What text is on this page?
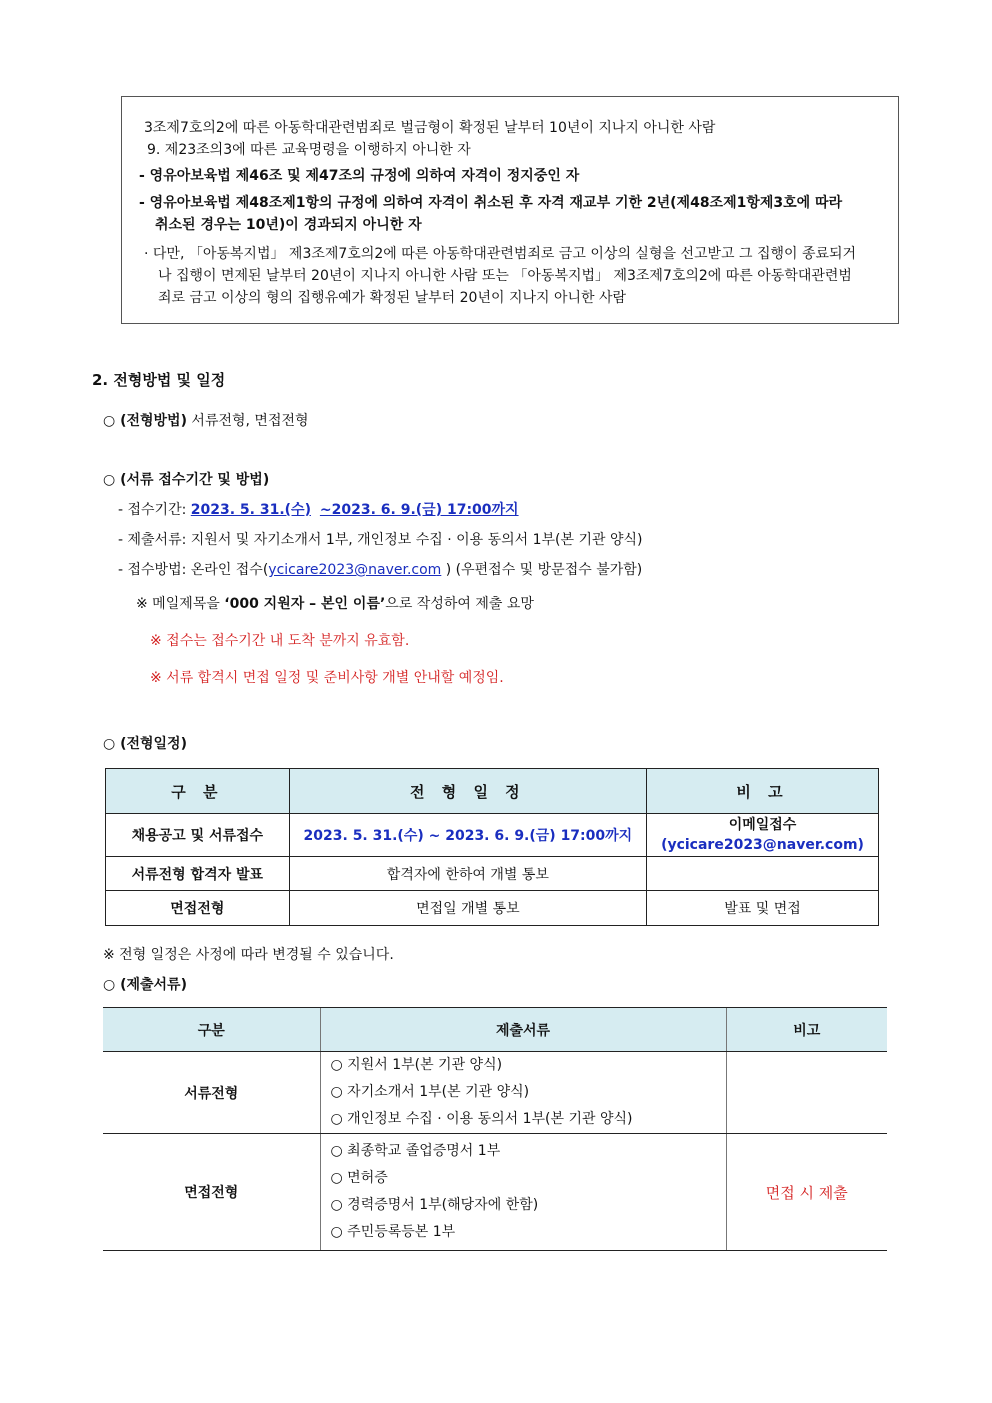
3조제7호의2에 따른 아동학대관련범죄로 벌금형이 확정된 날부터 10년이 지나지 아니한 사람
9. 제23조의3에 따른 교육명령을 이행하지 아니한 자
- 영유아보육법 제46조 및 제47조의 규정에 의하여 자격이 정지중인 자
- 영유아보육법 제48조제1항의 규정에 의하여 자격이 취소된 후 자격 재교부 기한 2년(제48조제1항제3호에 따라
취소된 경우는 10년)이 경과되지 아니한 자
· 다만, 「아동복지법」 제3조제7호의2에 따른 아동학대관련범죄로 금고 이상의 실형을 선고받고 그 집행이 종료되거
나 집행이 면제된 날부터 20년이 지나지 아니한 사람 또는 「아동복지법」 제3조제7호의2에 따른 아동학대관련범
죄로 금고 이상의 형의 집행유예가 확정된 날부터 20년이 지나지 아니한 사람
2. 전형방법 및 일정
○ (전형방법) 서류전형, 면접전형
○ (서류 접수기간 및 방법)
- 접수기간: 2023. 5. 31.(수) ~2023. 6. 9.(금) 17:00까지
- 제출서류: 지원서 및 자기소개서 1부, 개인정보 수집 · 이용 동의서 1부(본 기관 양식)
- 접수방법: 온라인 접수(ycicare2023@naver.com ) (우편접수 및 방문접수 불가함)
※ 메일제목을 ‘000 지원자 – 본인 이름’으로 작성하여 제출 요망
※ 접수는 접수기간 내 도착 분까지 유효함.
※ 서류 합격시 면접 일정 및 준비사항 개별 안내할 예정임.
○ (전형일정)
구 분	전 형 일 정	비 고
채용공고 및 서류접수	2023. 5. 31.(수) ~ 2023. 6. 9.(금) 17:00까지	이메일접수
(ycicare2023@naver.com)

서류전형 합격자 발표	합격자에 한하여 개별 통보	
면접전형	면접일 개별 통보	발표 및 면접
※ 전형 일정은 사정에 따라 변경될 수 있습니다.
○ (제출서류)
구분	제출서류	비고
서류전형	○ 지원서 1부(본 기관 양식)
○ 자기소개서 1부(본 기관 양식)
○ 개인정보 수집 · 이용 동의서 1부(본 기관 양식)	

면접전형	○ 최종학교 졸업증명서 1부
○ 면허증
○ 경력증명서 1부(해당자에 한함)
○ 주민등록등본 1부	면접 시 제출
